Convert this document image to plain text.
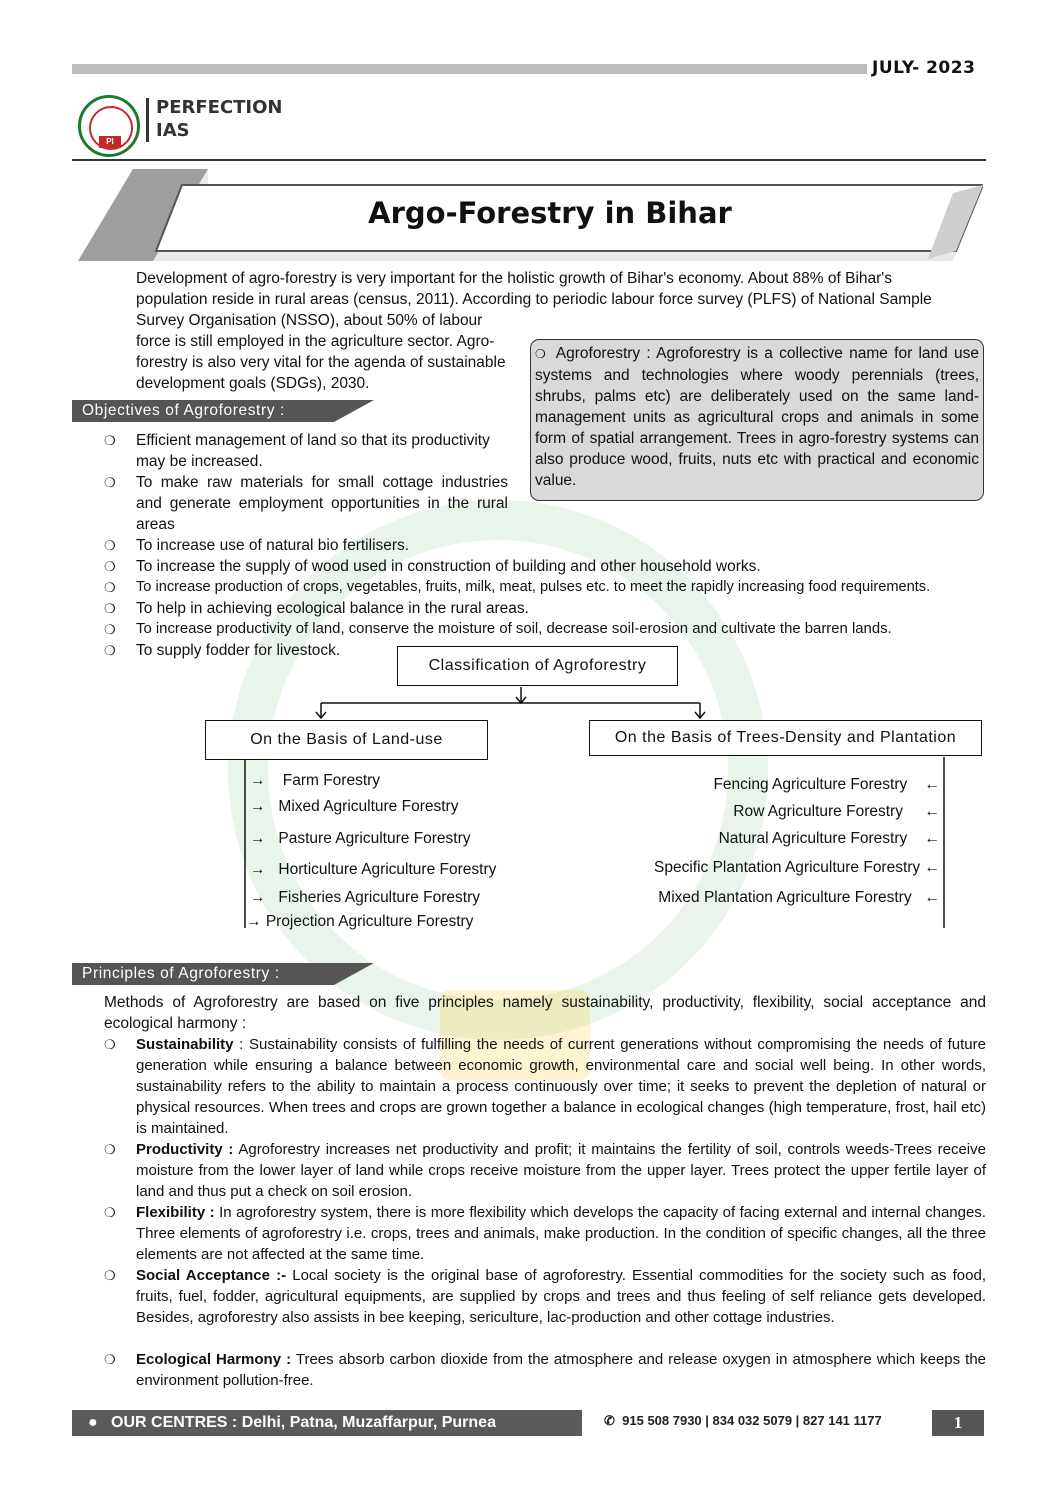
JULY- 2023
PI
PERFECTION
IAS
Argo-Forestry in Bihar
Development of agro-forestry is very important for the holistic growth of Bihar's economy. About 88% of Bihar's
population reside in rural areas (census, 2011). According to periodic labour force survey (PLFS) of National Sample
Survey Organisation (NSSO), about 50% of labour
force is still employed in the agriculture sector. Agro-
forestry is also very vital for the agenda of sustainable
development goals (SDGs), 2030.
❍ Agroforestry : Agroforestry is a collective name for land use systems and technologies where woody perennials (trees, shrubs, palms etc) are deliberately used on the same land-management units as agricultural crops and animals in some form of spatial arrangement. Trees in agro-forestry systems can also produce wood, fruits, nuts etc with practical and economic value.
Objectives of Agroforestry :
❍ Efficient management of land so that its productivity may be increased.
❍ To make raw materials for small cottage industries and generate employment opportunities in the rural areas
❍ To increase use of natural bio fertilisers.
❍ To increase the supply of wood used in construction of building and other household works.
❍ To increase production of crops, vegetables, fruits, milk, meat, pulses etc. to meet the rapidly increasing food requirements.
❍ To help in achieving ecological balance in the rural areas.
❍ To increase productivity of land, conserve the moisture of soil, decrease soil-erosion and cultivate the barren lands.
❍ To supply fodder for livestock.
Classification of Agroforestry
On the Basis of Land-use	On the Basis of Trees-Density and Plantation
→    Farm Forestry
→   Mixed Agriculture Forestry
→   Pasture Agriculture Forestry
→   Horticulture Agriculture Forestry
→   Fisheries Agriculture Forestry
→ Projection Agriculture Forestry
Fencing Agriculture Forestry    ←
Row Agriculture Forestry     ←
Natural Agriculture Forestry    ←
Specific Plantation Agriculture Forestry ←
Mixed Plantation Agriculture Forestry   ←
Principles of Agroforestry :
Methods of Agroforestry are based on five principles namely sustainability, productivity, flexibility, social acceptance and ecological harmony :
❍ Sustainability : Sustainability consists of fulfilling the needs of current generations without compromising the needs of future generation while ensuring a balance between economic growth, environmental care and social well being. In other words, sustainability refers to the ability to maintain a process continuously over time; it seeks to prevent the depletion of natural or physical resources. When trees and crops are grown together a balance in ecological changes (high temperature, frost, hail etc) is maintained.
❍ Productivity : Agroforestry increases net productivity and profit; it maintains the fertility of soil, controls weeds-Trees receive moisture from the lower layer of land while crops receive moisture from the upper layer. Trees protect the upper fertile layer of land and thus put a check on soil erosion.
❍ Flexibility : In agroforestry system, there is more flexibility which develops the capacity of facing external and internal changes. Three elements of agroforestry i.e. crops, trees and animals, make production. In the condition of specific changes, all the three elements are not affected at the same time.
❍ Social Acceptance :- Local society is the original base of agroforestry. Essential commodities for the society such as food, fruits, fuel, fodder, agricultural equipments, are supplied by crops and trees and thus feeling of self reliance gets developed. Besides, agroforestry also assists in bee keeping, sericulture, lac-production and other cottage industries.
❍ Ecological Harmony : Trees absorb carbon dioxide from the atmosphere and release oxygen in atmosphere which keeps the environment pollution-free.
● OUR CENTRES : Delhi, Patna, Muzaffarpur, Purnea	✆ 915 508 7930 | 834 032 5079 | 827 141 1177	1
